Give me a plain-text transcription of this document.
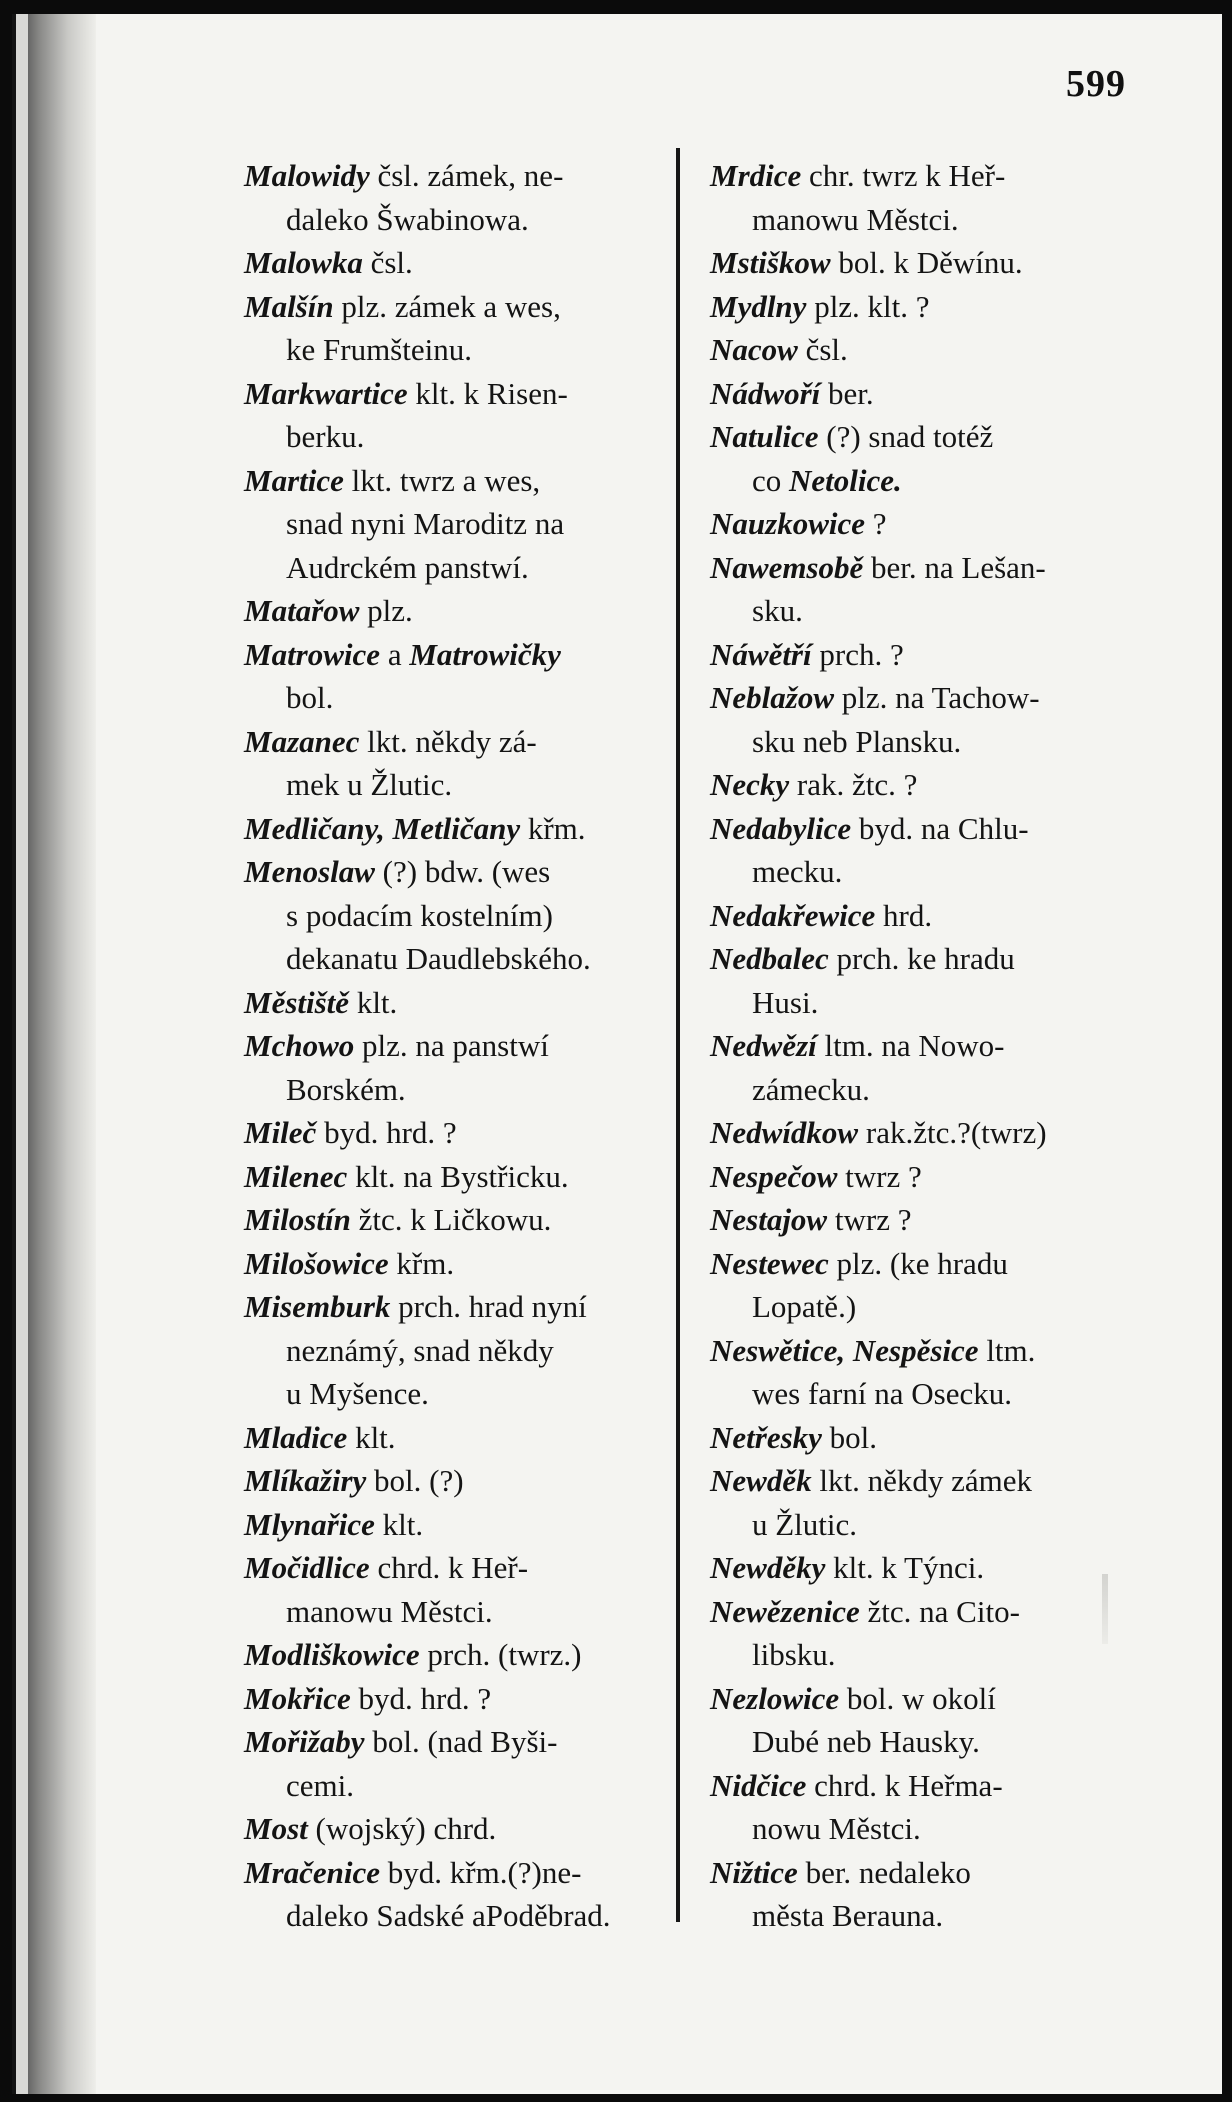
599
Malowidy čsl. zámek, ne-
daleko Šwabinowa.
Malowka čsl.
Malšín plz. zámek a wes,
ke Frumšteinu.
Markwartice klt. k Risen-
berku.
Martice lkt. twrz a wes,
snad nyni Maroditz na
Audrckém panstwí.
Matařow plz.
Matrowice a Matrowičky
bol.
Mazanec lkt. někdy zá-
mek u Žlutic.
Medličany, Metličany křm.
Menoslaw (?) bdw. (wes
s podacím kostelním)
dekanatu Daudlebského.
Městiště klt.
Mchowo plz. na panstwí
Borském.
Mileč byd. hrd. ?
Milenec klt. na Bystřicku.
Milostín žtc. k Ličkowu.
Milošowice křm.
Misemburk prch. hrad nyní
neznámý, snad někdy
u Myšence.
Mladice klt.
Mlíkažiry bol. (?)
Mlynařice klt.
Močidlice chrd. k Heř-
manowu Městci.
Modliškowice prch. (twrz.)
Mokřice byd. hrd. ?
Mořižaby bol. (nad Byši-
cemi.
Most (wojský) chrd.
Mračenice byd. křm.(?)ne-
daleko Sadské aPoděbrad.
Mrdice chr. twrz k Heř-
manowu Městci.
Mstiškow bol. k Děwínu.
Mydlny plz. klt. ?
Nacow čsl.
Nádwoří ber.
Natulice (?) snad totéž
co Netolice.
Nauzkowice ?
Nawemsobě ber. na Lešan-
sku.
Náwětří prch. ?
Neblažow plz. na Tachow-
sku neb Plansku.
Necky rak. žtc. ?
Nedabylice byd. na Chlu-
mecku.
Nedakřewice hrd.
Nedbalec prch. ke hradu
Husi.
Nedwězí ltm. na Nowo-
zámecku.
Nedwídkow rak.žtc.?(twrz)
Nespečow twrz ?
Nestajow twrz ?
Nestewec plz. (ke hradu
Lopatě.)
Neswětice, Nespěsice ltm.
wes farní na Osecku.
Netřesky bol.
Newděk lkt. někdy zámek
u Žlutic.
Newděky klt. k Týnci.
Newězenice žtc. na Cito-
libsku.
Nezlowice bol. w okolí
Dubé neb Hausky.
Nidčice chrd. k Heřma-
nowu Městci.
Nižtice ber. nedaleko
města Berauna.
